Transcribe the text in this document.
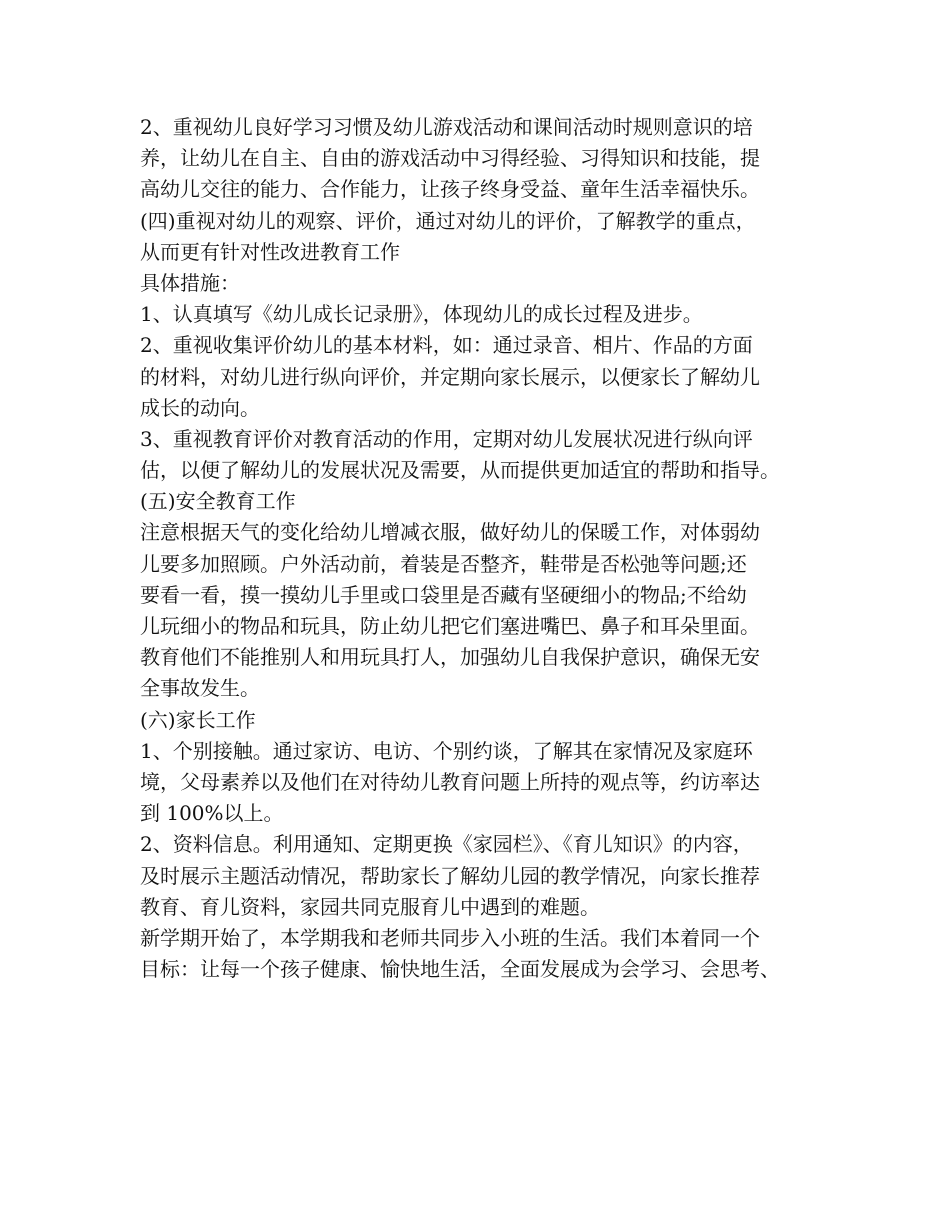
2、重视幼儿良好学习习惯及幼儿游戏活动和课间活动时规则意识的培
养，让幼儿在自主、自由的游戏活动中习得经验、习得知识和技能，提
高幼儿交往的能力、合作能力，让孩子终身受益、童年生活幸福快乐。
(四)重视对幼儿的观察、评价，通过对幼儿的评价，了解教学的重点，
从而更有针对性改进教育工作
具体措施：
1、认真填写《幼儿成长记录册》，体现幼儿的成长过程及进步。
2、重视收集评价幼儿的基本材料，如：通过录音、相片、作品的方面
的材料，对幼儿进行纵向评价，并定期向家长展示，以便家长了解幼儿
成长的动向。
3、重视教育评价对教育活动的作用，定期对幼儿发展状况进行纵向评
估，以便了解幼儿的发展状况及需要，从而提供更加适宜的帮助和指导。
(五)安全教育工作
注意根据天气的变化给幼儿增减衣服，做好幼儿的保暖工作，对体弱幼
儿要多加照顾。户外活动前，着装是否整齐，鞋带是否松弛等问题;还
要看一看，摸一摸幼儿手里或口袋里是否藏有坚硬细小的物品;不给幼
儿玩细小的物品和玩具，防止幼儿把它们塞进嘴巴、鼻子和耳朵里面。
教育他们不能推别人和用玩具打人，加强幼儿自我保护意识，确保无安
全事故发生。
(六)家长工作
1、个别接触。通过家访、电访、个别约谈，了解其在家情况及家庭环
境，父母素养以及他们在对待幼儿教育问题上所持的观点等，约访率达
到 100%以上。
2、资料信息。利用通知、定期更换《家园栏》、《育儿知识》的内容，
及时展示主题活动情况，帮助家长了解幼儿园的教学情况，向家长推荐
教育、育儿资料，家园共同克服育儿中遇到的难题。
新学期开始了，本学期我和老师共同步入小班的生活。我们本着同一个
目标：让每一个孩子健康、愉快地生活，全面发展成为会学习、会思考、
